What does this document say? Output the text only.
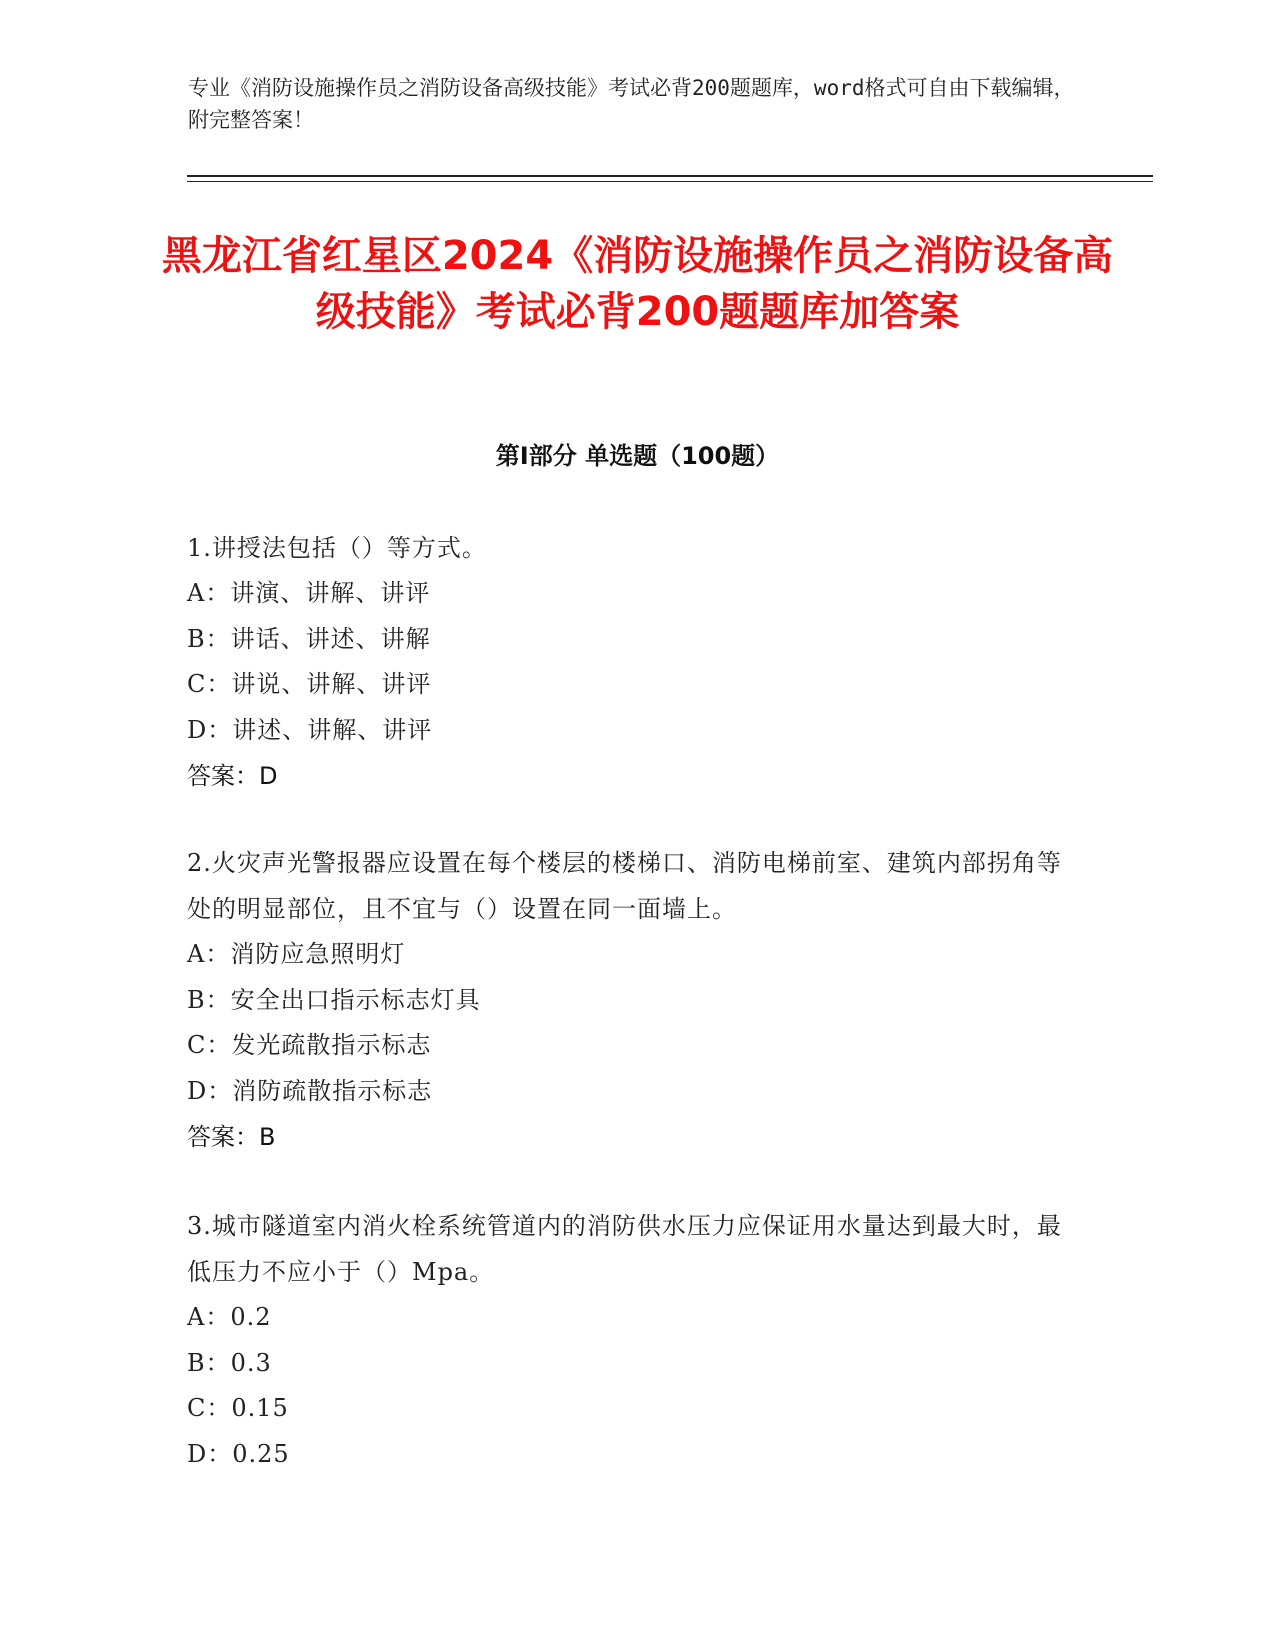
专业《消防设施操作员之消防设备高级技能》考试必背200题题库，word格式可自由下载编辑，附完整答案！
黑龙江省红星区2024《消防设施操作员之消防设备高级技能》考试必背200题题库加答案
第Ⅰ部分 单选题（100题）
1.讲授法包括（）等方式。
A：讲演、讲解、讲评
B：讲话、讲述、讲解
C：讲说、讲解、讲评
D：讲述、讲解、讲评
答案：D
2.火灾声光警报器应设置在每个楼层的楼梯口、消防电梯前室、建筑内部拐角等处的明显部位，且不宜与（）设置在同一面墙上。
A：消防应急照明灯
B：安全出口指示标志灯具
C：发光疏散指示标志
D：消防疏散指示标志
答案：B
3.城市隧道室内消火栓系统管道内的消防供水压力应保证用水量达到最大时，最低压力不应小于（）Mpa。
A：0.2
B：0.3
C：0.15
D：0.25
